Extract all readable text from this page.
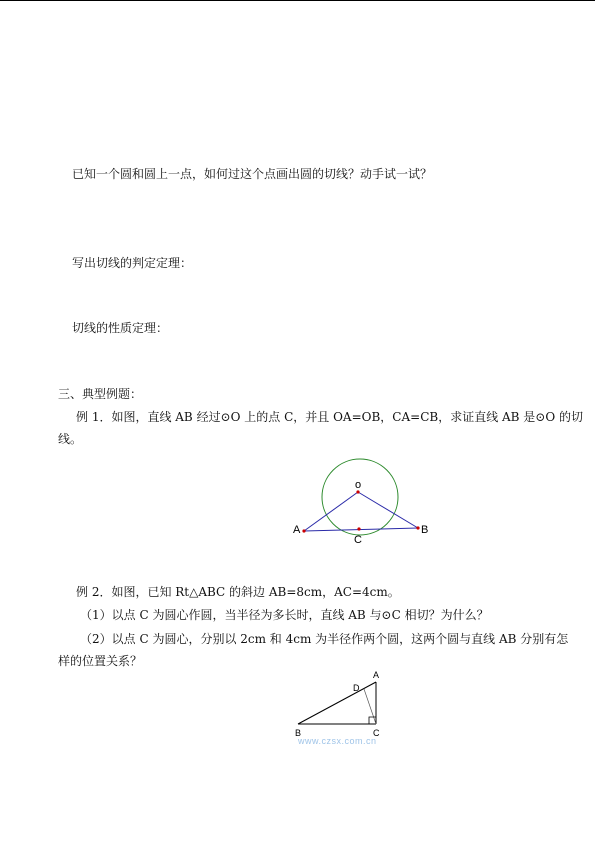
已知一个圆和圆上一点，如何过这个点画出圆的切线？动手试一试？
写出切线的判定定理：
切线的性质定理：
三、典型例题：
例 1．如图，直线 AB 经过⊙O 上的点 C，并且 OA=OB，CA=CB，求证直线 AB 是⊙O 的切
线。
o
A	B
C
例 2．如图，已知 Rt△ABC 的斜边 AB=8cm，AC=4cm。
（1）以点 C 为圆心作圆，当半径为多长时，直线 AB 与⊙C 相切？为什么？
（2）以点 C 为圆心，分别以 2cm 和 4cm 为半径作两个圆，这两个圆与直线 AB 分别有怎
样的位置关系？
A
D
B	C
www.czsx.com.cn
